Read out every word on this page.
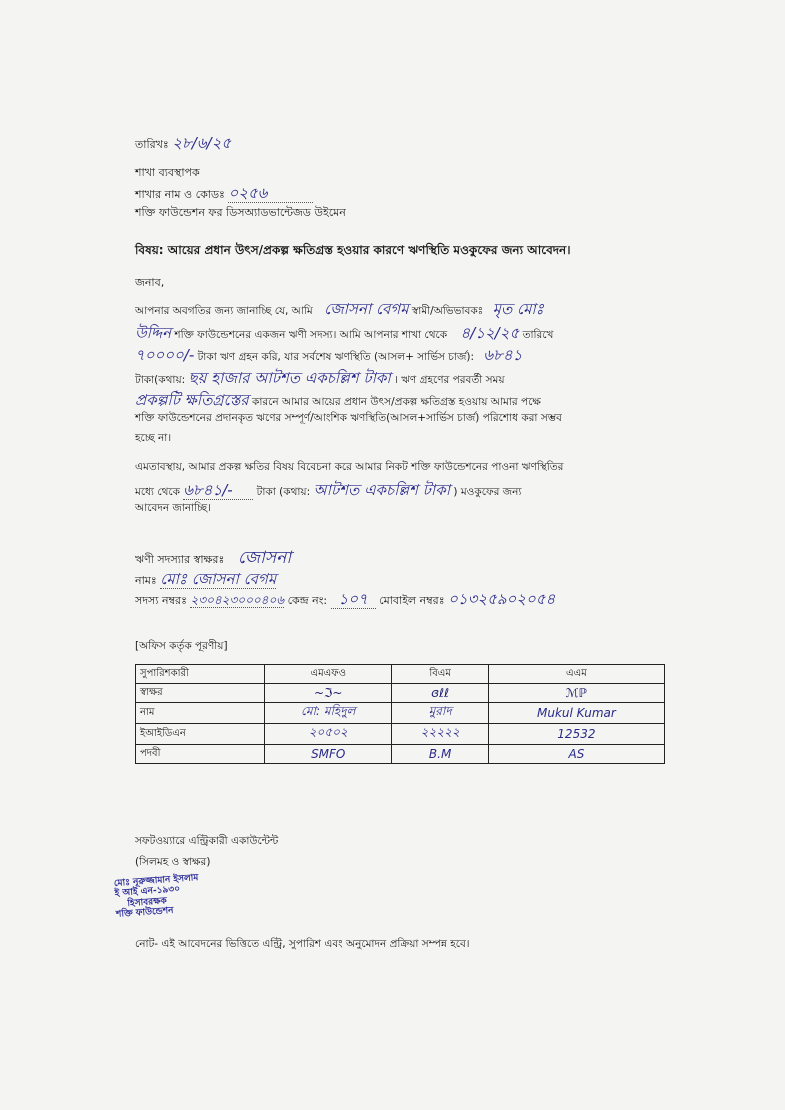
তারিখঃ ২৮/৬/২৫
শাখা ব্যবস্থাপক
শাখার নাম ও কোডঃ ০২৫৬
শক্তি ফাউন্ডেশন ফর ডিসঅ্যাডভান্টেজড উইমেন
বিষয়: আয়ের প্রধান উৎস/প্রকল্প ক্ষতিগ্রস্ত হওয়ার কারণে ঋণস্থিতি মওকুফের জন্য আবেদন।
জনাব,
আপনার অবগতির জন্য জানাচ্ছি যে, আমি জোসনা বেগম স্বামী/অভিভাবকঃ মৃত মোঃ
উদ্দিন শক্তি ফাউন্ডেশনের একজন ঋণী সদস্য। আমি আপনার শাখা থেকে ৪/১২/২৫ তারিখে
৭০০০০/- টাকা ঋণ গ্রহন করি, যার সর্বশেষ ঋণস্থিতি (আসল+ সার্ভিস চার্জ): ৬৮৪১
টাকা(কথায়: ছয় হাজার আটশত একচল্লিশ টাকা । ঋণ গ্রহণের পরবর্তী সময়
প্রকল্পটি ক্ষতিগ্রস্তের কারনে আমার আয়ের প্রধান উৎস/প্রকল্প ক্ষতিগ্রস্ত হওয়ায় আমার পক্ষে
শক্তি ফাউন্ডেশনের প্রদানকৃত ঋণের সম্পূর্ণ/আংশিক ঋণস্থিতি(আসল+সার্ভিস চার্জ) পরিশোধ করা সম্ভব
হচ্ছে না।
এমতাবস্থায়, আমার প্রকল্প ক্ষতির বিষয় বিবেচনা করে আমার নিকট শক্তি ফাউন্ডেশনের পাওনা ঋণস্থিতির
মধ্যে থেকে ৬৮৪১/- টাকা (কথায়: আটশত একচল্লিশ টাকা ) মওকুফের জন্য
আবেদন জানাচ্ছি।
ঋণী সদস্যার স্বাক্ষরঃ জোসনা
নামঃ মোঃ জোসনা বেগম
সদস্য নম্বরঃ ২৩০৪২৩০০০৪০৬ কেন্দ্র নং: ১০৭ মোবাইল নম্বরঃ ০১৩২৫৯০২০৫৪
[অফিস কর্তৃক পূরণীয়]
সুপারিশকারী	এমএফও	বিএম	এএম
স্বাক্ষর	~ℑ~	ɞℓℓ	ℳℙ
নাম	মো: মহিদুল	মুরাদ	Mukul Kumar
ইআইডিএন	২০৫০২	২২২২২	12532
পদবী	SMFO	B.M	AS
সফটওয়্যারে এন্ট্রিকারী একাউন্টেন্ট
(সিলমহ ও স্বাক্ষর)
মোঃ নূরুজ্জামান ইসলাম
ই আই এন-১৯৩০
হিসাবরক্ষক
শক্তি ফাউন্ডেশন
নোট- এই আবেদনের ভিত্তিতে এন্ট্রি, সুপারিশ এবং অনুমোদন প্রক্রিয়া সম্পন্ন হবে।
